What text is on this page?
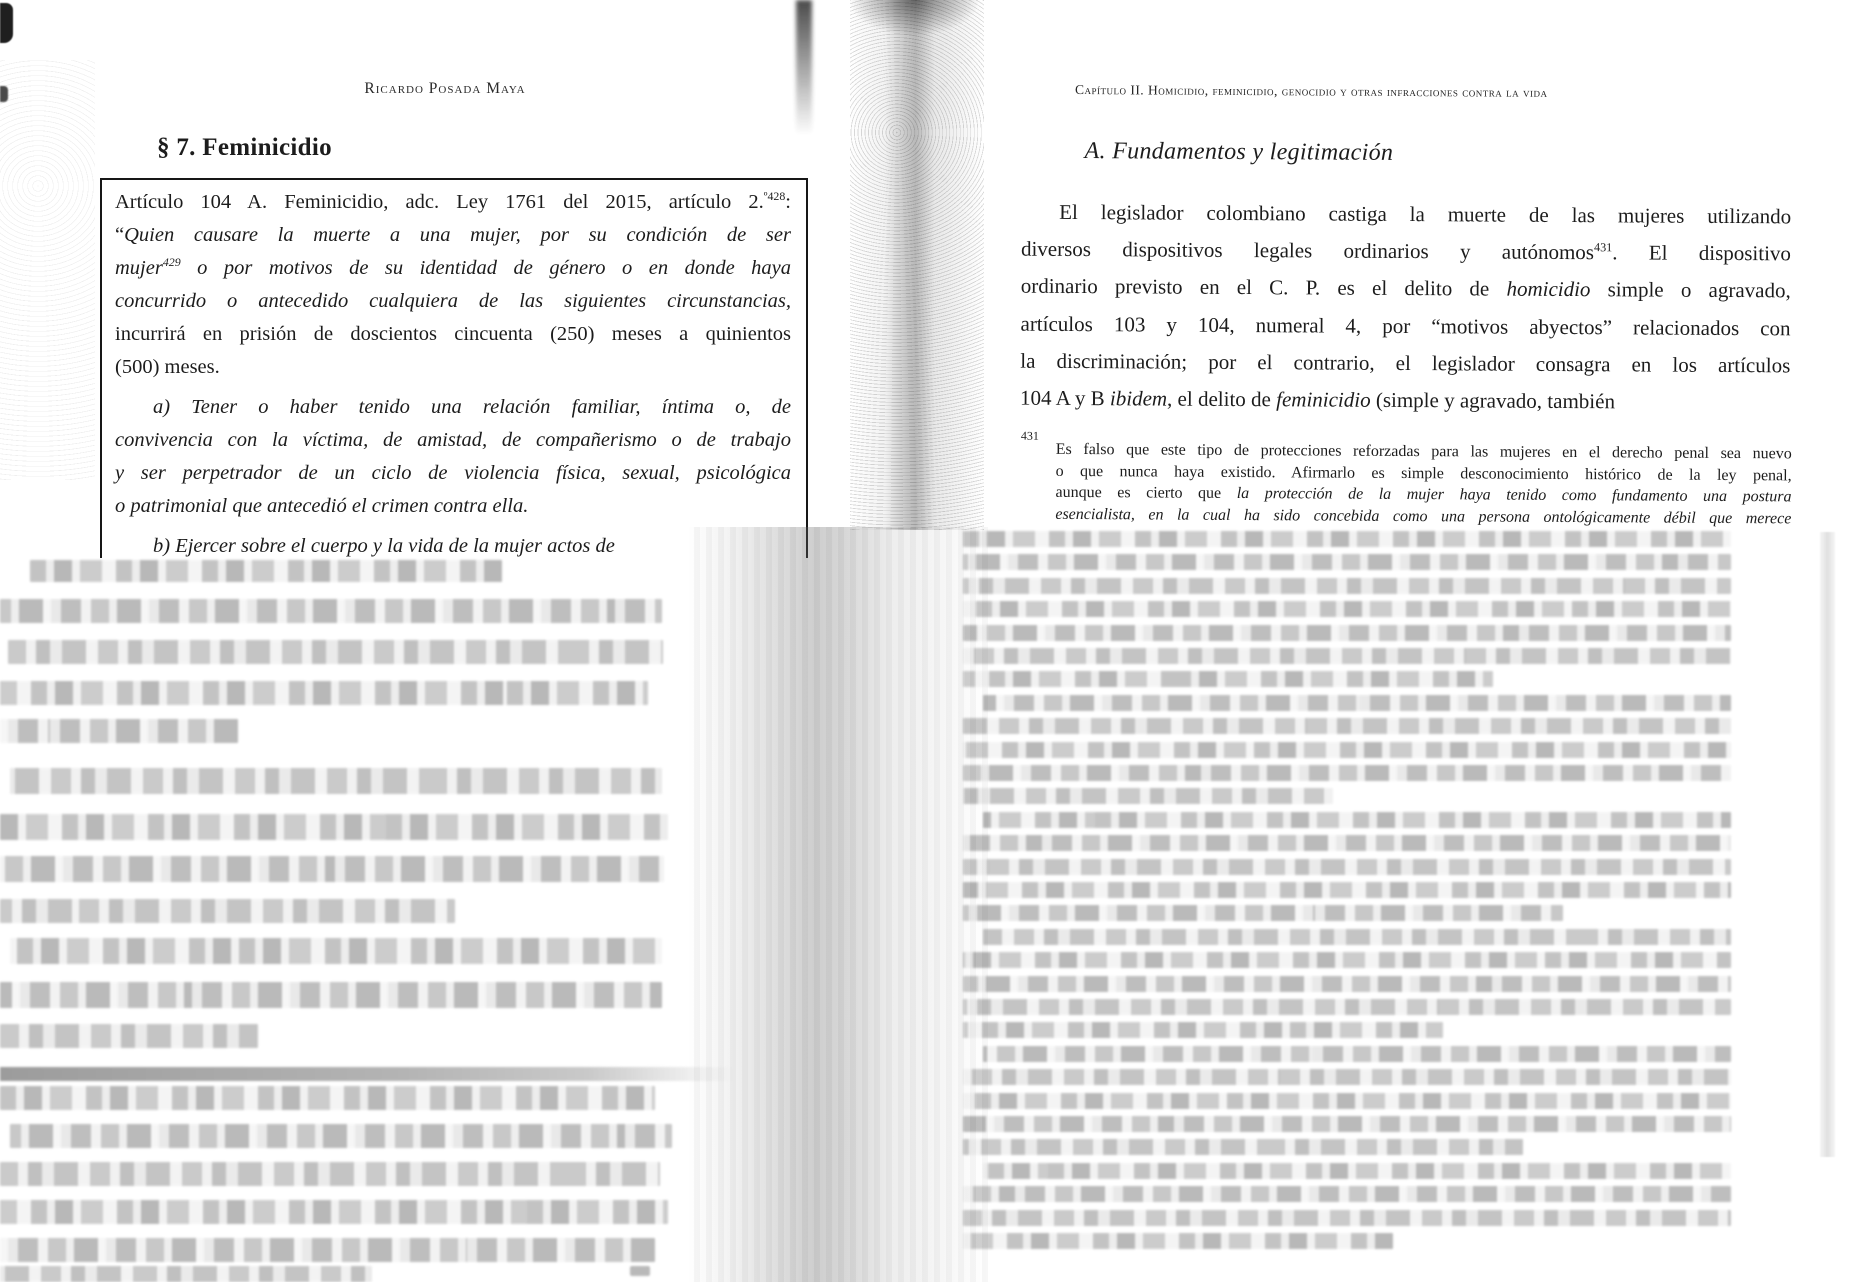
Ricardo Posada Maya
§ 7. Feminicidio
Artículo 104 A. Feminicidio, adc. Ley 1761 del 2015, artículo 2.$^{º428}$:
“Quien causare la muerte a una mujer, por su condición de ser
mujer$^{429}$ o por motivos de su identidad de género o en donde haya
concurrido o antecedido cualquiera de las siguientes circunstancias,
incurrirá en prisión de doscientos cincuenta (250) meses a quinientos
(500) meses.
a) Tener o haber tenido una relación familiar, íntima o, de
convivencia con la víctima, de amistad, de compañerismo o de trabajo
y ser perpetrador de un ciclo de violencia física, sexual, psicológica
o patrimonial que antecedió el crimen contra ella.
b) Ejercer sobre el cuerpo y la vida de la mujer actos de
Capítulo II. Homicidio, feminicidio, genocidio y otras infracciones contra la vida
A. Fundamentos y legitimación
El legislador colombiano castiga la muerte de las mujeres utilizando
diversos dispositivos legales ordinarios y autónomos$^{431}$. El dispositivo
ordinario previsto en el C. P. es el delito de homicidio simple o agravado,
artículos 103 y 104, numeral 4, por “motivos abyectos” relacionados con
la discriminación; por el contrario, el legislador consagra en los artículos
104 A y B ibidem, el delito de feminicidio (simple y agravado, también
431
Es falso que este tipo de protecciones reforzadas para las mujeres en el derecho penal sea nuevo
o que nunca haya existido. Afirmarlo es simple desconocimiento histórico de la ley penal,
aunque es cierto que la protección de la mujer haya tenido como fundamento una postura
esencialista, en la cual ha sido concebida como una persona ontológicamente débil que merece
